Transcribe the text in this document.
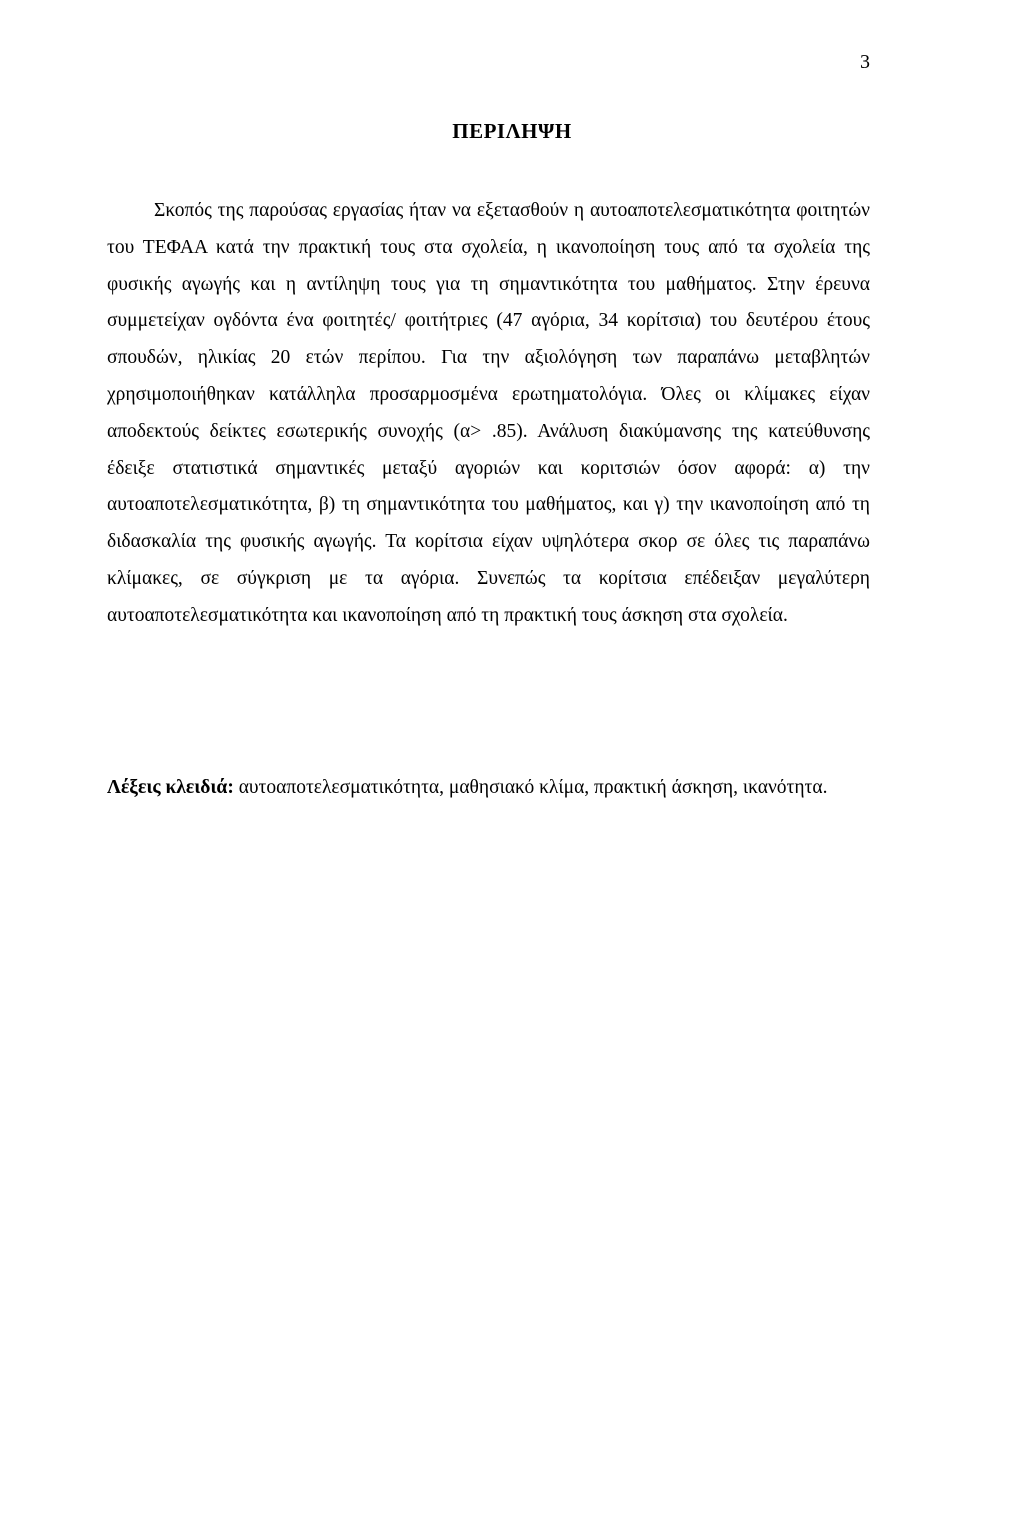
3
ΠΕΡΙΛΗΨΗ

Σκοπός της παρούσας εργασίας ήταν να εξετασθούν η αυτοαποτελεσματικότητα φοιτητών του ΤΕΦΑΑ κατά την πρακτική τους στα σχολεία, η ικανοποίηση τους από τα σχολεία της φυσικής αγωγής και η αντίληψη τους για τη σημαντικότητα του μαθήματος. Στην έρευνα συμμετείχαν ογδόντα ένα φοιτητές/ φοιτήτριες (47 αγόρια, 34 κορίτσια) του δευτέρου έτους σπουδών, ηλικίας 20 ετών περίπου. Για την αξιολόγηση των παραπάνω μεταβλητών χρησιμοποιήθηκαν κατάλληλα προσαρμοσμένα ερωτηματολόγια. Όλες οι κλίμακες είχαν αποδεκτούς δείκτες εσωτερικής συνοχής (α> .85). Ανάλυση διακύμανσης της κατεύθυνσης έδειξε στατιστικά σημαντικές μεταξύ αγοριών και κοριτσιών όσον αφορά: α) την αυτοαποτελεσματικότητα, β) τη σημαντικότητα του μαθήματος, και γ) την ικανοποίηση από τη διδασκαλία της φυσικής αγωγής. Τα κορίτσια είχαν υψηλότερα σκορ σε όλες τις παραπάνω κλίμακες, σε σύγκριση με τα αγόρια. Συνεπώς τα κορίτσια επέδειξαν μεγαλύτερη αυτοαποτελεσματικότητα και ικανοποίηση από τη πρακτική τους άσκηση στα σχολεία.

Λέξεις κλειδιά: αυτοαποτελεσματικότητα, μαθησιακό κλίμα, πρακτική άσκηση, ικανότητα.
